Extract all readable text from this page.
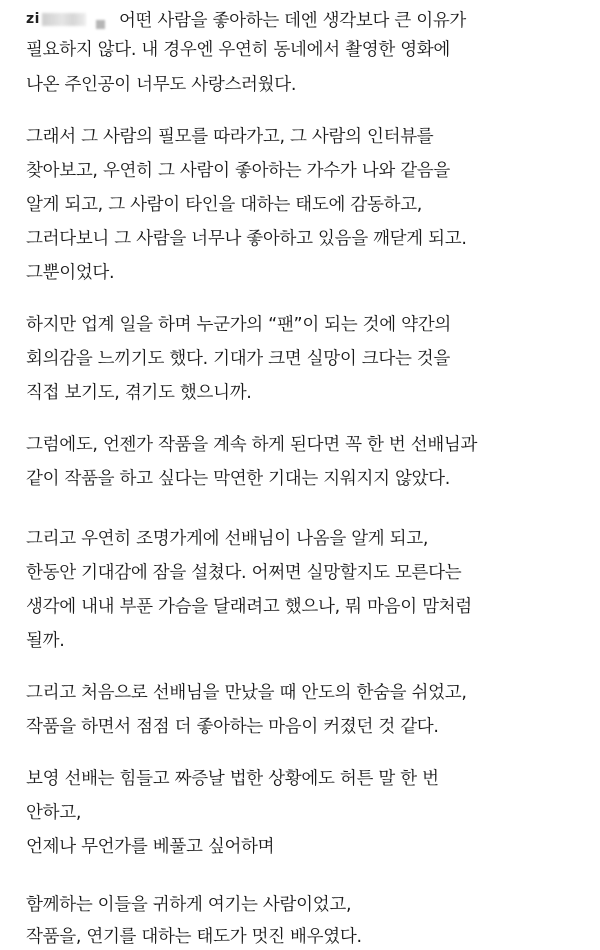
zi	어떤 사람을 좋아하는 데엔 생각보다 큰 이유가
필요하지 않다. 내 경우엔 우연히 동네에서 촬영한 영화에
나온 주인공이 너무도 사랑스러웠다.
그래서 그 사람의 필모를 따라가고, 그 사람의 인터뷰를
찾아보고, 우연히 그 사람이 좋아하는 가수가 나와 같음을
알게 되고, 그 사람이 타인을 대하는 태도에 감동하고,
그러다보니 그 사람을 너무나 좋아하고 있음을 깨닫게 되고.
그뿐이었다.
하지만 업계 일을 하며 누군가의 “팬”이 되는 것에 약간의
회의감을 느끼기도 했다. 기대가 크면 실망이 크다는 것을
직접 보기도, 겪기도 했으니까.
그럼에도, 언젠가 작품을 계속 하게 된다면 꼭 한 번 선배님과
같이 작품을 하고 싶다는 막연한 기대는 지워지지 않았다.
그리고 우연히 조명가게에 선배님이 나옴을 알게 되고,
한동안 기대감에 잠을 설쳤다. 어쩌면 실망할지도 모른다는
생각에 내내 부푼 가슴을 달래려고 했으나, 뭐 마음이 맘처럼
될까.
그리고 처음으로 선배님을 만났을 때 안도의 한숨을 쉬었고,
작품을 하면서 점점 더 좋아하는 마음이 커졌던 것 같다.
보영 선배는 힘들고 짜증날 법한 상황에도 허튼 말 한 번
안하고,
언제나 무언가를 베풀고 싶어하며
함께하는 이들을 귀하게 여기는 사람이었고,
작품을, 연기를 대하는 태도가 멋진 배우였다.
